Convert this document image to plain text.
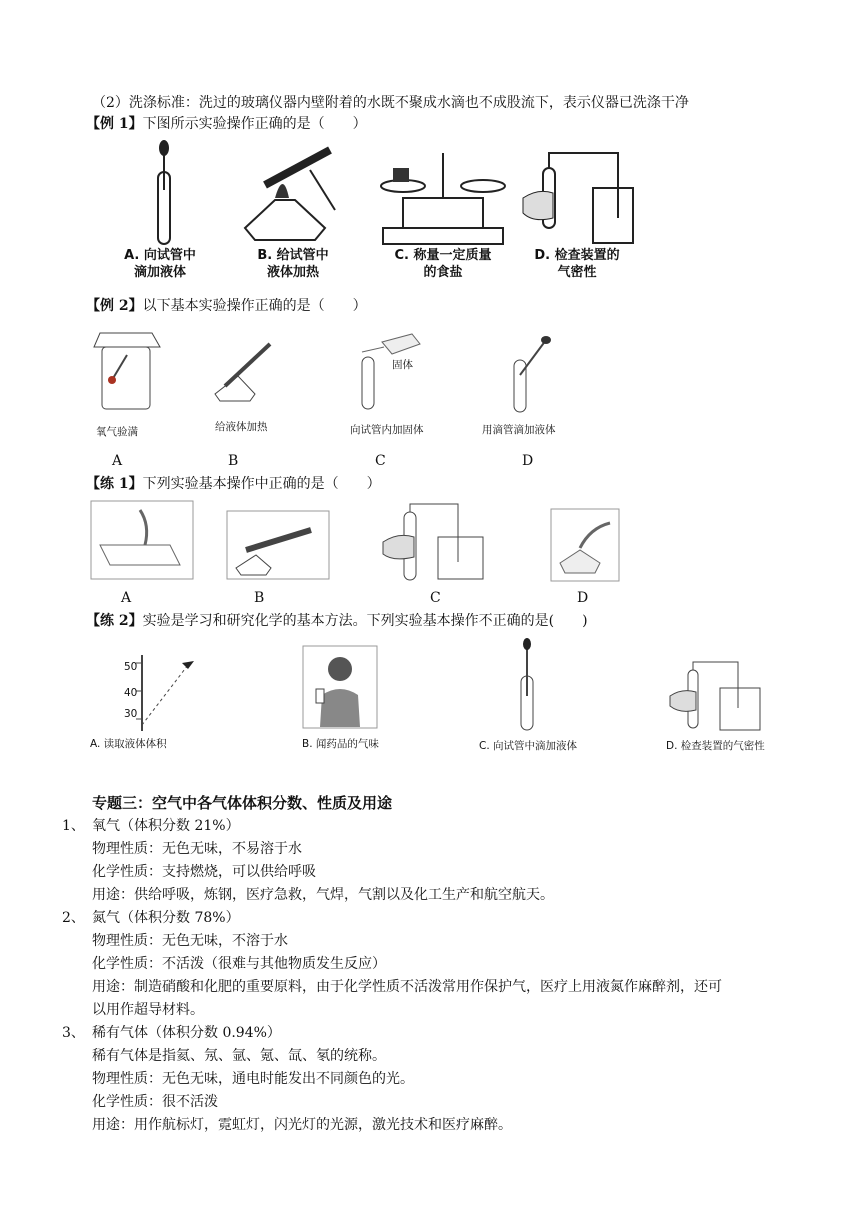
（2）洗涤标准：洗过的玻璃仪器内壁附着的水既不聚成水滴也不成股流下，表示仪器已洗涤干净
【例 1】下图所示实验操作正确的是（　　）
A. 向试管中
滴加液体
B. 给试管中
液体加热
C. 称量一定质量
的食盐
D. 检查装置的
气密性
【例 2】以下基本实验操作正确的是（　　）
固体
氧气验满	给液体加热	向试管内加固体	用滴管滴加液体
A	B	C	D
【练 1】下列实验基本操作中正确的是（　　）
A	B	C	D
【练 2】实验是学习和研究化学的基本方法。下列实验基本操作不正确的是(　　)
50
40
30
A. 读取液体体积	B. 闻药品的气味	C. 向试管中滴加液体	D. 检查装置的气密性
专题三：空气中各气体体积分数、性质及用途
1、 氧气（体积分数 21%）
物理性质：无色无味，不易溶于水
化学性质：支持燃烧，可以供给呼吸
用途：供给呼吸，炼钢，医疗急救，气焊，气割以及化工生产和航空航天。
2、 氮气（体积分数 78%）
物理性质：无色无味，不溶于水
化学性质：不活泼（很难与其他物质发生反应）
用途：制造硝酸和化肥的重要原料，由于化学性质不活泼常用作保护气，医疗上用液氮作麻醉剂，还可
以用作超导材料。
3、 稀有气体（体积分数 0.94%）
稀有气体是指氦、氖、氩、氪、氙、氡的统称。
物理性质：无色无味，通电时能发出不同颜色的光。
化学性质：很不活泼
用途：用作航标灯，霓虹灯，闪光灯的光源，激光技术和医疗麻醉。
